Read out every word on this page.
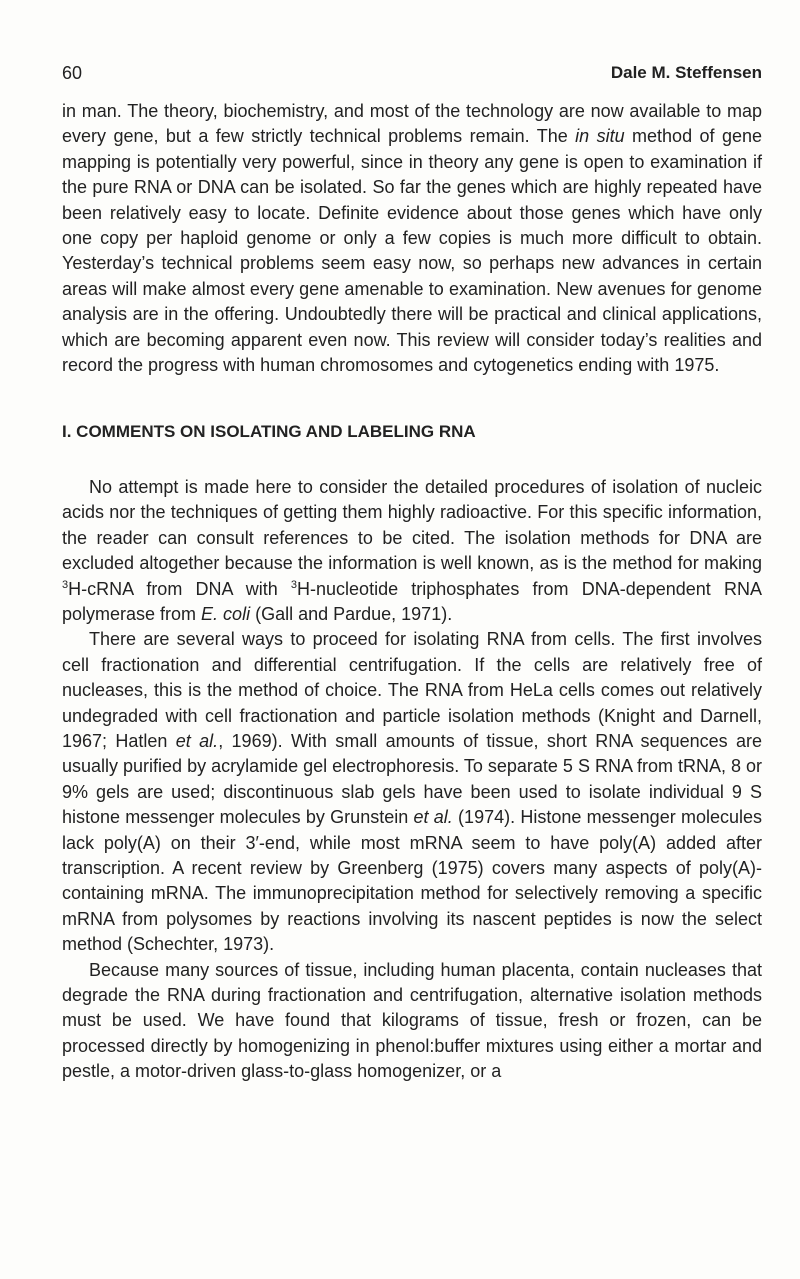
60	Dale M. Steffensen

in man. The theory, biochemistry, and most of the technology are now available to map every gene, but a few strictly technical problems remain. The in situ method of gene mapping is potentially very powerful, since in theory any gene is open to examination if the pure RNA or DNA can be isolated. So far the genes which are highly repeated have been relatively easy to locate. Definite evidence about those genes which have only one copy per haploid genome or only a few copies is much more difficult to obtain. Yesterday’s technical problems seem easy now, so perhaps new advances in certain areas will make almost every gene amenable to examination. New avenues for genome analysis are in the offering. Undoubtedly there will be practical and clinical applications, which are becoming apparent even now. This review will consider today’s realities and record the progress with human chromosomes and cytogenetics ending with 1975.

I. COMMENTS ON ISOLATING AND LABELING RNA

No attempt is made here to consider the detailed procedures of isolation of nucleic acids nor the techniques of getting them highly radioactive. For this specific information, the reader can consult references to be cited. The isolation methods for DNA are excluded altogether because the information is well known, as is the method for making $^3$H-cRNA from DNA with $^3$H-nucleotide triphosphates from DNA-dependent RNA polymerase from E. coli (Gall and Pardue, 1971).

There are several ways to proceed for isolating RNA from cells. The first involves cell fractionation and differential centrifugation. If the cells are relatively free of nucleases, this is the method of choice. The RNA from HeLa cells comes out relatively undegraded with cell fractionation and particle isolation methods (Knight and Darnell, 1967; Hatlen et al., 1969). With small amounts of tissue, short RNA sequences are usually purified by acrylamide gel electrophoresis. To separate 5 S RNA from tRNA, 8 or 9% gels are used; discontinuous slab gels have been used to isolate individual 9 S histone messenger molecules by Grunstein et al. (1974). Histone messenger molecules lack poly(A) on their 3′-end, while most mRNA seem to have poly(A) added after transcription. A recent review by Greenberg (1975) covers many aspects of poly(A)-containing mRNA. The immunoprecipitation method for selectively removing a specific mRNA from polysomes by reactions involving its nascent peptides is now the select method (Schechter, 1973).

Because many sources of tissue, including human placenta, contain nucleases that degrade the RNA during fractionation and centrifugation, alternative isolation methods must be used. We have found that kilograms of tissue, fresh or frozen, can be processed directly by homogenizing in phenol:buffer mixtures using either a mortar and pestle, a motor-driven glass-to-glass homogenizer, or a
